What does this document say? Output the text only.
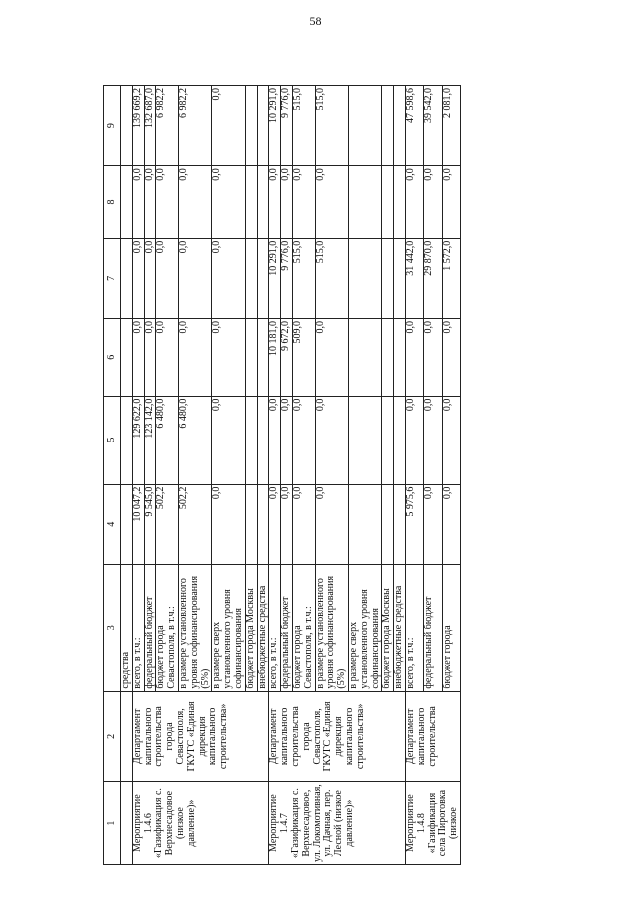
58
1	2	3	4	5	6	7	8	9
		средства						
Мероприятие 1.4.6 «Газификация с. Верхнесадовое (низкое давление)»	Департамент капитального строительства города Севастополя, ГКУГС «Единая дирекция капитального строительства»	всего, в т.ч.:	10 047,2	129 622,0	0,0	0,0	0,0	139 669,2
		федеральный бюджет	9 545,0	123 142,0	0,0	0,0	0,0	132 687,0
		бюджет города Севастополя, в т.ч.:	502,2	6 480,0	0,0	0,0	0,0	6 982,2
		в размере установленного уровня софинансирования (5%)	502,2	6 480,0	0,0	0,0	0,0	6 982,2
		в размере сверх установленного уровня софинансирования	0,0	0,0	0,0	0,0	0,0	0,0
		бюджет города Москвы						
		внебюджетные средства						
Мероприятие 1.4.7 «Газификация с. Верхнесадовое, ул. Локомотивная, ул. Дачная, пер. Лесной (низкое давление)»	Департамент капитального строительства города Севастополя, ГКУГС «Единая дирекция капитального строительства»	всего, в т.ч.:	0,0	0,0	10 181,0	10 291,0	0,0	10 291,0
		федеральный бюджет	0,0	0,0	9 672,0	9 776,0	0,0	9 776,0
		бюджет города Севастополя, в т.ч.:	0,0	0,0	509,0	515,0	0,0	515,0
		в размере установленного уровня софинансирования (5%)	0,0	0,0	0,0	515,0	0,0	515,0
		в размере сверх установленного уровня софинансирования						
		бюджет города Москвы						
		внебюджетные средства						
Мероприятие 1.4.8 «Газификация села Пироговка (низкое	Департамент капитального строительства	всего, в т.ч.:	5 975,6	0,0	0,0	31 442,0	0,0	47 598,6
		федеральный бюджет	0,0	0,0	0,0	29 870,0	0,0	39 542,0
		бюджет города	0,0	0,0	0,0	1 572,0	0,0	2 081,0
